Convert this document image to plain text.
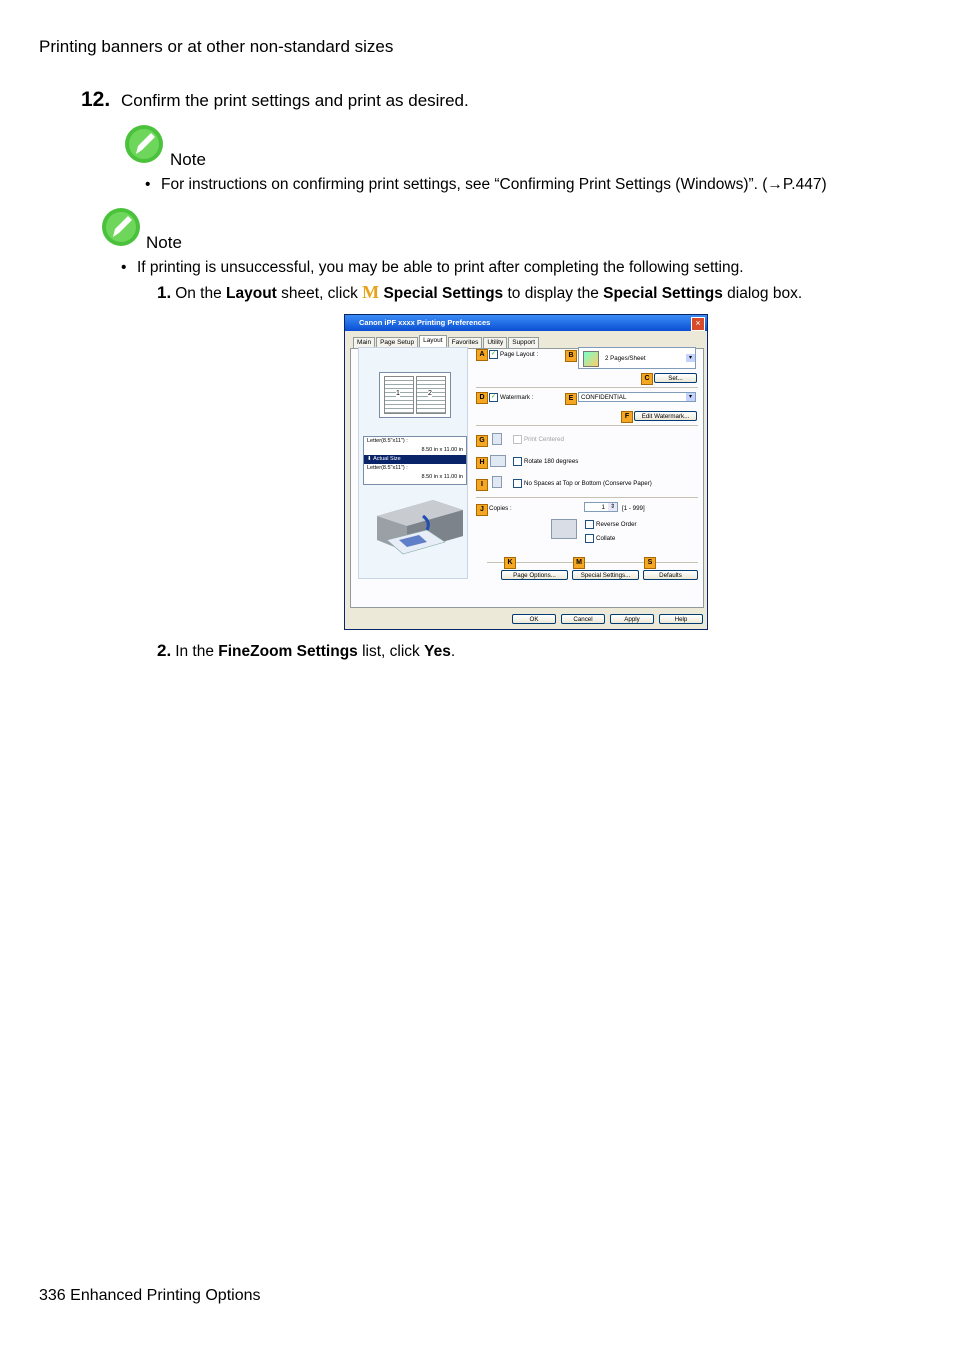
Printing banners or at other non-standard sizes
12. Confirm the print settings and print as desired.
Note
• For instructions on confirming print settings, see “Confirming Print Settings (Windows)”. (→P.447)
Note
• If printing is unsuccessful, you may be able to print after completing the following setting.
1. On the Layout sheet, click M Special Settings to display the Special Settings dialog box.
Canon iPF xxxx Printing Preferences	×
Main Page Setup Layout Favorites Utility Support
1	2
Letter(8.5"x11") :
8.50 in x 11.00 in
⬇ Actual Size
Letter(8.5"x11") :
8.50 in x 11.00 in
A	✓ Page Layout :	B	2 Pages/Sheet	▾
C	Set...
D	✓ Watermark :	E	CONFIDENTIAL	▾
F	Edit Watermark...
G	Print Centered
H	Rotate 180 degrees
I	No Spaces at Top or Bottom (Conserve Paper)
J Copies :	1 ⇕	[1 - 999]
Reverse Order
Collate
K	M	S
Page Options...	Special Settings...	Defaults
OK	Cancel	Apply	Help
2. In the FineZoom Settings list, click Yes.
336 Enhanced Printing Options
